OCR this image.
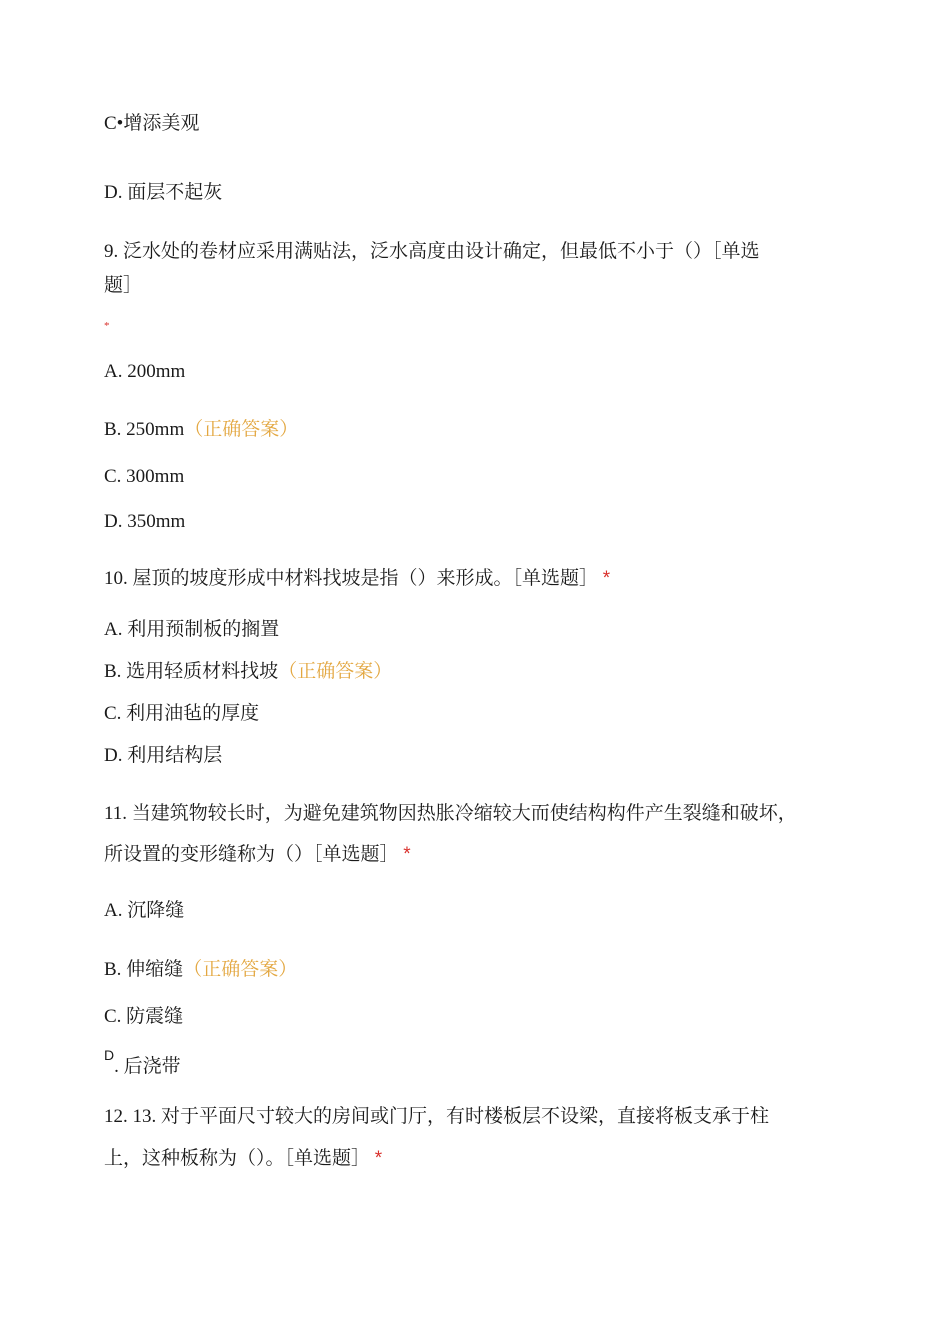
C•增添美观
D. 面层不起灰
9. 泛水处的卷材应采用满贴法，泛水高度由设计确定，但最低不小于（）［单选
题］
*
A. 200mm
B. 250mm（正确答案）
C. 300mm
D. 350mm
10. 屋顶的坡度形成中材料找坡是指（）来形成。［单选题］ *
A. 利用预制板的搁置
B. 选用轻质材料找坡（正确答案）
C. 利用油毡的厚度
D. 利用结构层
11. 当建筑物较长时，为避免建筑物因热胀冷缩较大而使结构构件产生裂缝和破坏，
所设置的变形缝称为（）［单选题］ *
A. 沉降缝
B. 伸缩缝（正确答案）
C. 防震缝
$^D$. 后浇带
12. 13. 对于平面尺寸较大的房间或门厅，有时楼板层不设梁，直接将板支承于柱
上，这种板称为（）。［单选题］ *
